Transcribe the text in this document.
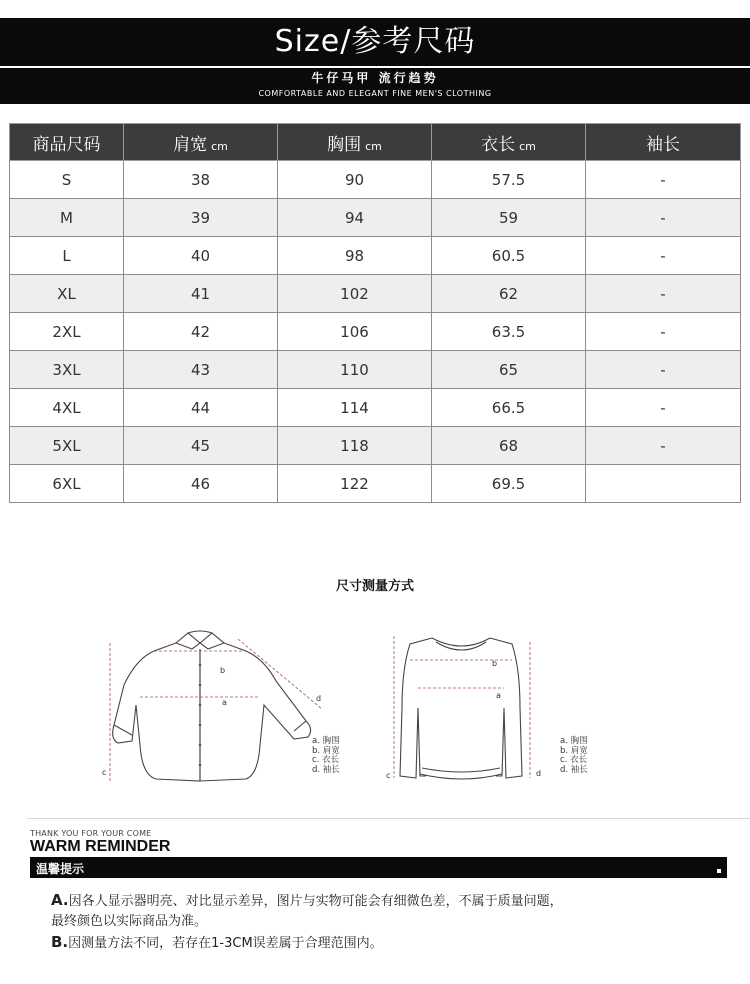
Size/参考尺码
牛仔马甲 流行趋势
COMFORTABLE AND ELEGANT FINE MEN'S CLOTHING
商品尺码	肩宽 cm	胸围 cm	衣长 cm	袖长
S	38	90	57.5	-
M	39	94	59	-
L	40	98	60.5	-
XL	41	102	62	-
2XL	42	106	63.5	-
3XL	43	110	65	-
4XL	44	114	66.5	-
5XL	45	118	68	-
6XL	46	122	69.5	
尺寸测量方式
b
a
c
d
a. 胸围
b. 肩宽
c. 衣长
d. 袖长
b
a
c	d
a. 胸围
b. 肩宽
c. 衣长
d. 袖长
THANK YOU FOR YOUR COME
WARM REMINDER
温馨提示
A.因各人显示器明亮、对比显示差异，图片与实物可能会有细微色差，不属于质量问题，
最终颜色以实际商品为准。
B.因测量方法不同，若存在1-3CM误差属于合理范围内。
